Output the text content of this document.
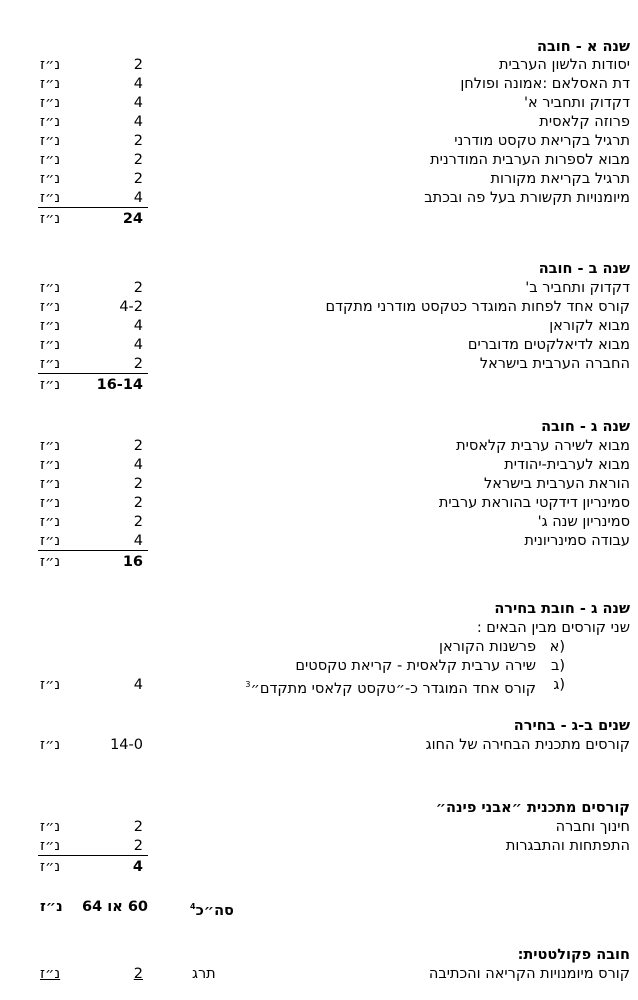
שנה א - חובה
יסודות הלשון הערבית
2
נ״ז
דת האסלאם :אמונה ופולחן
4
נ״ז
דקדוק ותחביר א'
4
נ״ז
פרוזה קלאסית
4
נ״ז
תרגיל בקריאת טקסט מודרני
2
נ״ז
מבוא לספרות הערבית המודרנית
2
נ״ז
תרגיל בקריאת מקורות
2
נ״ז
מיומנויות תקשורת בעל פה ובכתב
4
נ״ז
24
נ״ז
שנה ב - חובה
דקדוק ותחביר ב'
2
נ״ז
קורס אחד לפחות המוגדר כטקסט מודרני מתקדם
4-2
נ״ז
מבוא לקוראן
4
נ״ז
מבוא לדיאלקטים מדוברים
4
נ״ז
החברה הערבית בישראל
2
נ״ז
16-14
נ״ז
שנה ג - חובה
מבוא לשירה ערבית קלאסית
2
נ״ז
מבוא לערבית-יהודית
4
נ״ז
הוראת הערבית בישראל
2
נ״ז
סמינריון דידקטי בהוראת ערבית
2
נ״ז
סמינריון שנה ג'
2
נ״ז
עבודה סמינריונית
4
נ״ז
16
נ״ז
שנה ג - חובת בחירה
שני קורסים מבין הבאים :
א)
פרשנות הקוראן
ב)
שירה ערבית קלאסית - קריאת טקסטים
ג)
קורס אחד המוגדר כ-״טקסט קלאסי מתקדם״$^3$
4
נ״ז
שנים ב-ג - בחירה
קורסים מתכנית הבחירה של החוג
14-0
נ״ז
קורסים מתכנית ״אבני פינה״
חינוך וחברה
2
נ״ז
התפתחות והתבגרות
2
נ״ז
4
נ״ז
סה״כ$^4$
60 או 64
נ״ז
חובה פקולטטית:
קורס מיומנויות הקריאה והכתיבה
תרג
2
נ״ז
